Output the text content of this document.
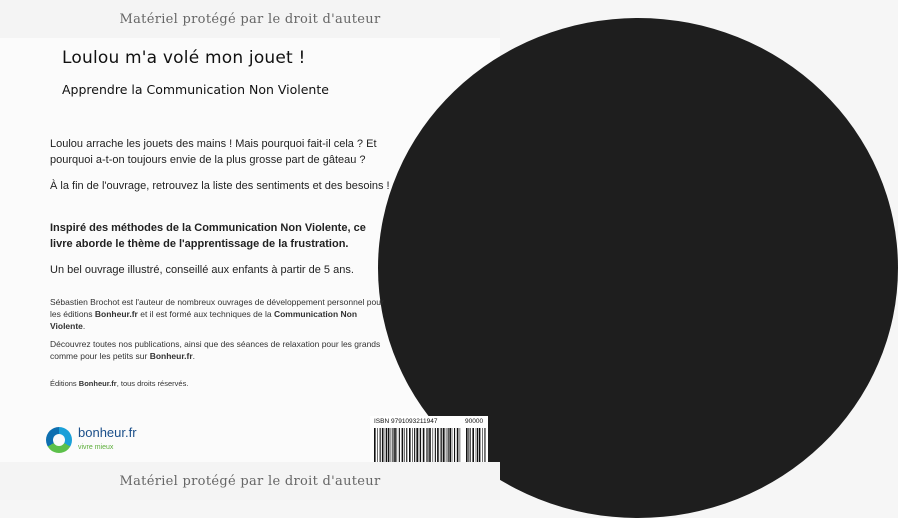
Matériel protégé par le droit d'auteur
Loulou m'a volé mon jouet !
Apprendre la Communication Non Violente

Loulou arrache les jouets des mains ! Mais pourquoi fait-il cela ? Et pourquoi a-t-on toujours envie de la plus grosse part de gâteau ?

À la fin de l'ouvrage, retrouvez la liste des sentiments et des besoins !

Inspiré des méthodes de la Communication Non Violente, ce livre aborde le thème de l'apprentissage de la frustration.

Un bel ouvrage illustré, conseillé aux enfants à partir de 5 ans.

Sébastien Brochot est l'auteur de nombreux ouvrages de développement personnel pour les éditions Bonheur.fr et il est formé aux techniques de la Communication Non Violente.

Découvrez toutes nos publications, ainsi que des séances de relaxation pour les grands comme pour les petits sur Bonheur.fr.

Éditions Bonheur.fr, tous droits réservés.

bonheur.fr
vivre mieux
ISBN 9791093211947	90000
Matériel protégé par le droit d'auteur
